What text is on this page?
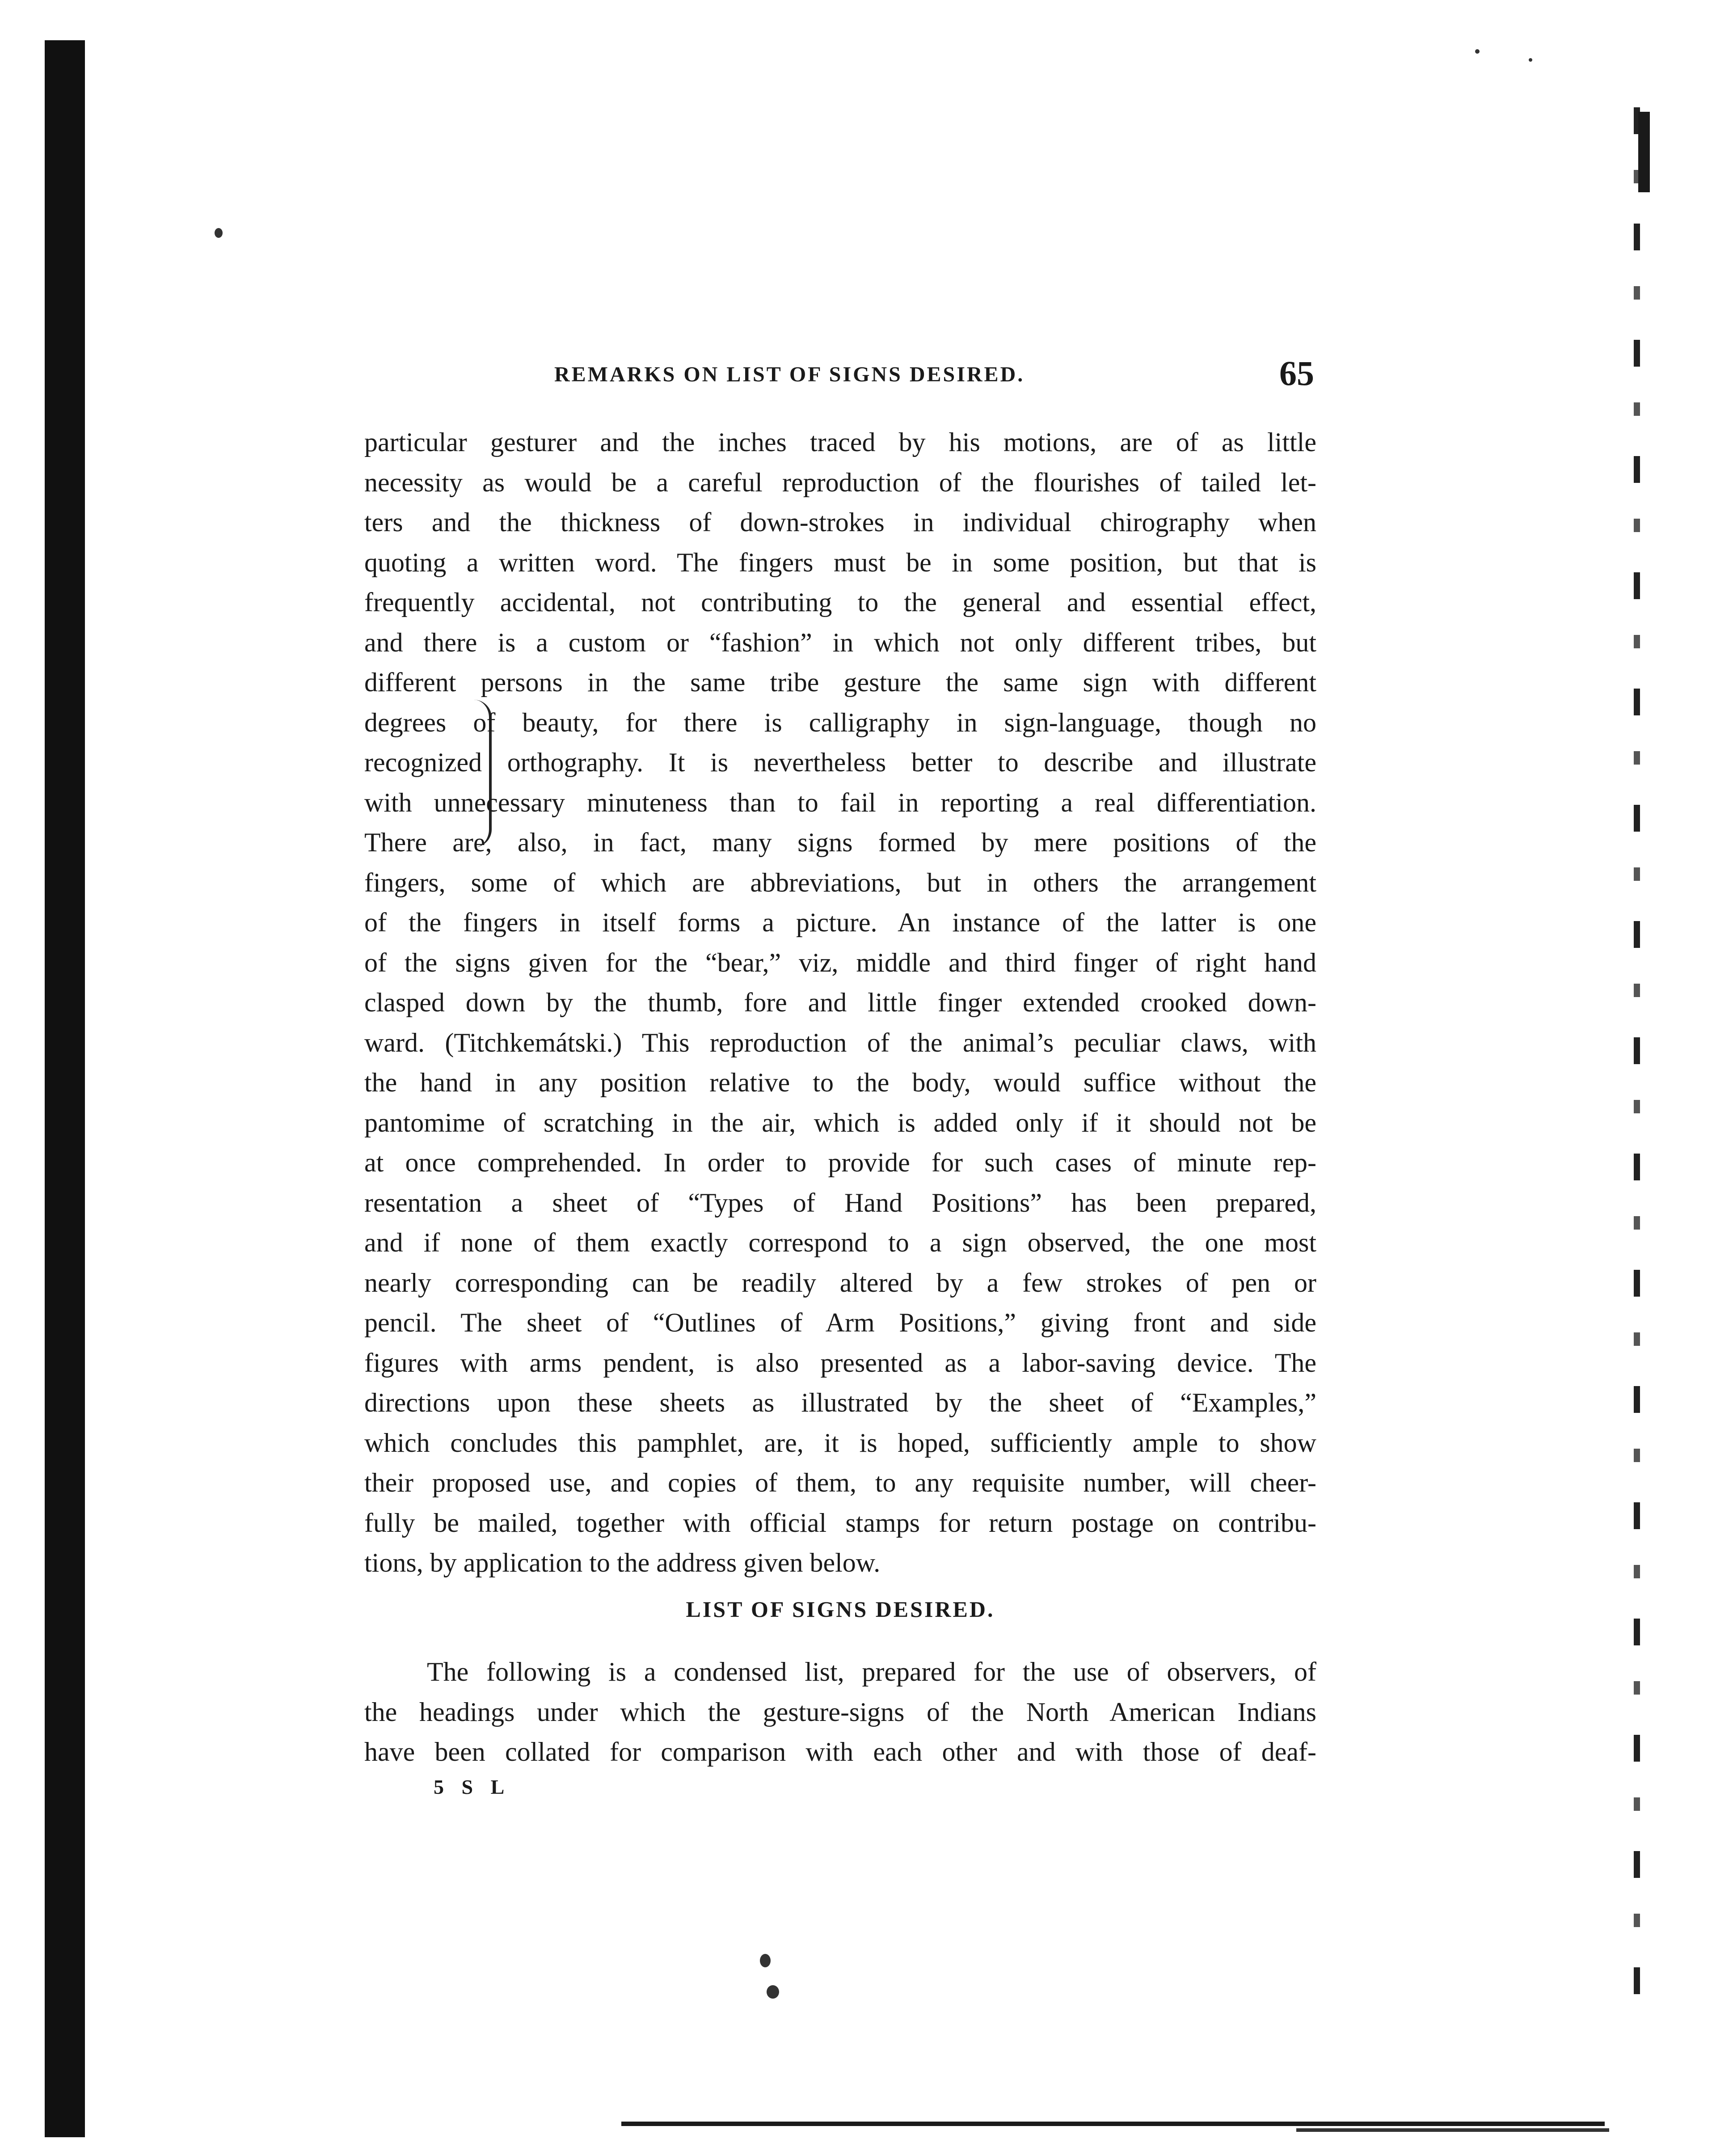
REMARKS ON LIST OF SIGNS DESIRED.	65
particular gesturer and the inches traced by his motions, are of as little
necessity as would be a careful reproduction of the flourishes of tailed let-
ters and the thickness of down-strokes in individual chirography when
quoting a written word. The fingers must be in some position, but that is
frequently accidental, not contributing to the general and essential effect,
and there is a custom or “fashion” in which not only different tribes, but
different persons in the same tribe gesture the same sign with different
degrees of beauty, for there is calligraphy in sign-language, though no
recognized orthography. It is nevertheless better to describe and illustrate
with unnecessary minuteness than to fail in reporting a real differentiation.
There are, also, in fact, many signs formed by mere positions of the
fingers, some of which are abbreviations, but in others the arrangement
of the fingers in itself forms a picture. An instance of the latter is one
of the signs given for the “bear,” viz, middle and third finger of right hand
clasped down by the thumb, fore and little finger extended crooked down-
ward. (Titchkemátski.) This reproduction of the animal’s peculiar claws, with
the hand in any position relative to the body, would suffice without the
pantomime of scratching in the air, which is added only if it should not be
at once comprehended. In order to provide for such cases of minute rep-
resentation a sheet of “Types of Hand Positions” has been prepared,
and if none of them exactly correspond to a sign observed, the one most
nearly corresponding can be readily altered by a few strokes of pen or
pencil. The sheet of “Outlines of Arm Positions,” giving front and side
figures with arms pendent, is also presented as a labor-saving device. The
directions upon these sheets as illustrated by the sheet of “Examples,”
which concludes this pamphlet, are, it is hoped, sufficiently ample to show
their proposed use, and copies of them, to any requisite number, will cheer-
fully be mailed, together with official stamps for return postage on contribu-
tions, by application to the address given below.
LIST OF SIGNS DESIRED.
The following is a condensed list, prepared for the use of observers, of
the headings under which the gesture-signs of the North American Indians
have been collated for comparison with each other and with those of deaf-
5 S L
